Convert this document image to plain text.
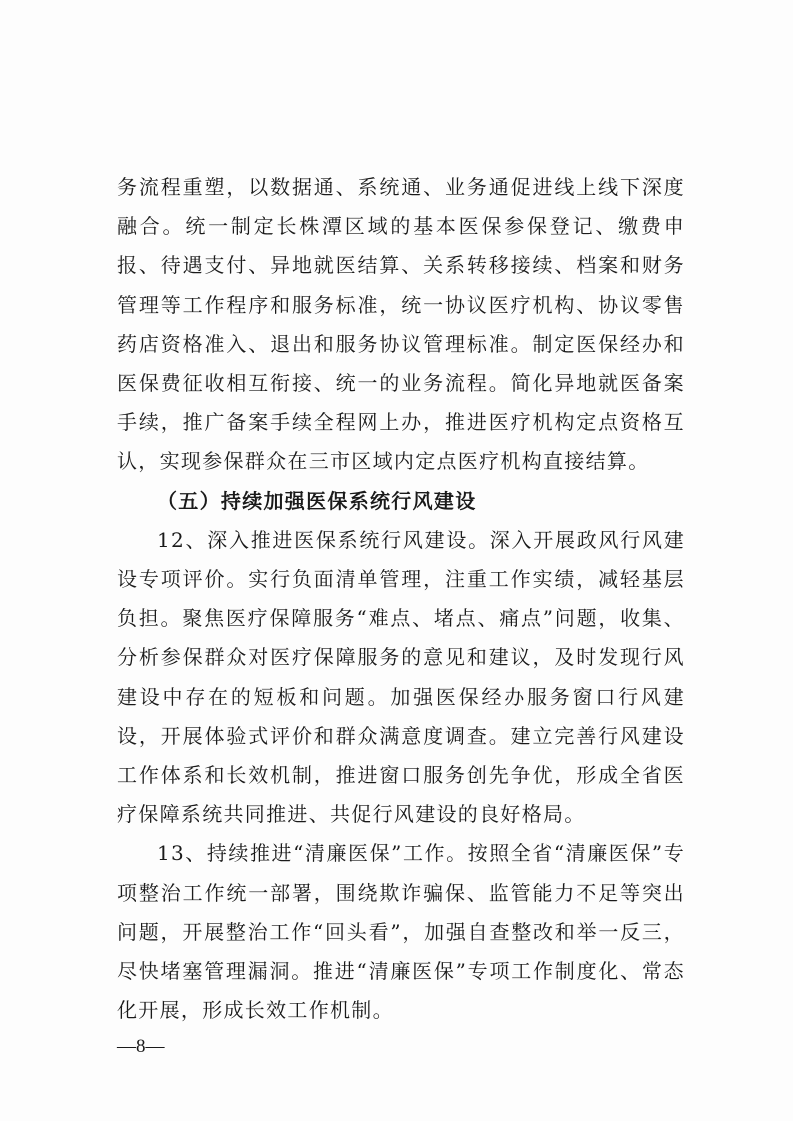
务流程重塑，以数据通、系统通、业务通促进线上线下深度融合。统一制定长株潭区域的基本医保参保登记、缴费申报、待遇支付、异地就医结算、关系转移接续、档案和财务管理等工作程序和服务标准，统一协议医疗机构、协议零售药店资格准入、退出和服务协议管理标准。制定医保经办和医保费征收相互衔接、统一的业务流程。简化异地就医备案手续，推广备案手续全程网上办，推进医疗机构定点资格互认，实现参保群众在三市区域内定点医疗机构直接结算。

（五）持续加强医保系统行风建设

12、深入推进医保系统行风建设。深入开展政风行风建设专项评价。实行负面清单管理，注重工作实绩，减轻基层负担。聚焦医疗保障服务“难点、堵点、痛点”问题，收集、分析参保群众对医疗保障服务的意见和建议，及时发现行风建设中存在的短板和问题。加强医保经办服务窗口行风建设，开展体验式评价和群众满意度调查。建立完善行风建设工作体系和长效机制，推进窗口服务创先争优，形成全省医疗保障系统共同推进、共促行风建设的良好格局。

13、持续推进“清廉医保”工作。按照全省“清廉医保”专项整治工作统一部署，围绕欺诈骗保、监管能力不足等突出问题，开展整治工作“回头看”，加强自查整改和举一反三，尽快堵塞管理漏洞。推进“清廉医保”专项工作制度化、常态化开展，形成长效工作机制。

—8—
